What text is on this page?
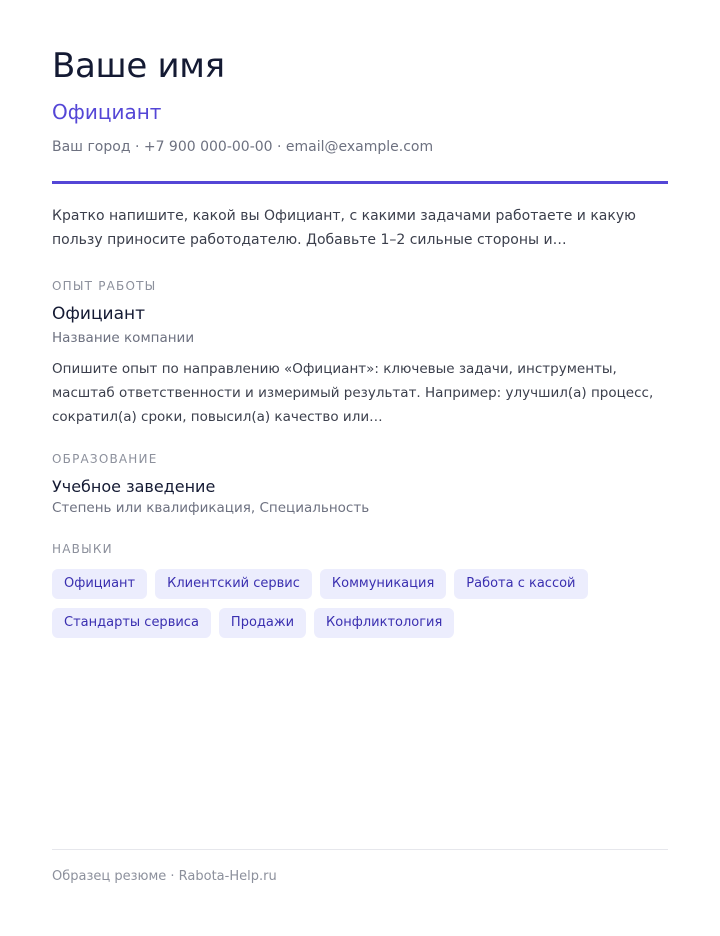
Ваше имя
Официант
Ваш город · +7 900 000-00-00 · email@example.com

Кратко напишите, какой вы Официант, с какими задачами работаете и какую пользу приносите работодателю. Добавьте 1–2 сильные стороны и…

ОПЫТ РАБОТЫ
Официант
Название компании

Опишите опыт по направлению «Официант»: ключевые задачи, инструменты, масштаб ответственности и измеримый результат. Например: улучшил(а) процесс, сократил(а) сроки, повысил(а) качество или…

ОБРАЗОВАНИЕ
Учебное заведение
Степень или квалификация, Специальность
НАВЫКИ
Официант	Клиентский сервис	Коммуникация	Работа с кассой
Стандарты сервиса	Продажи	Конфликтология
Образец резюме · Rabota-Help.ru
